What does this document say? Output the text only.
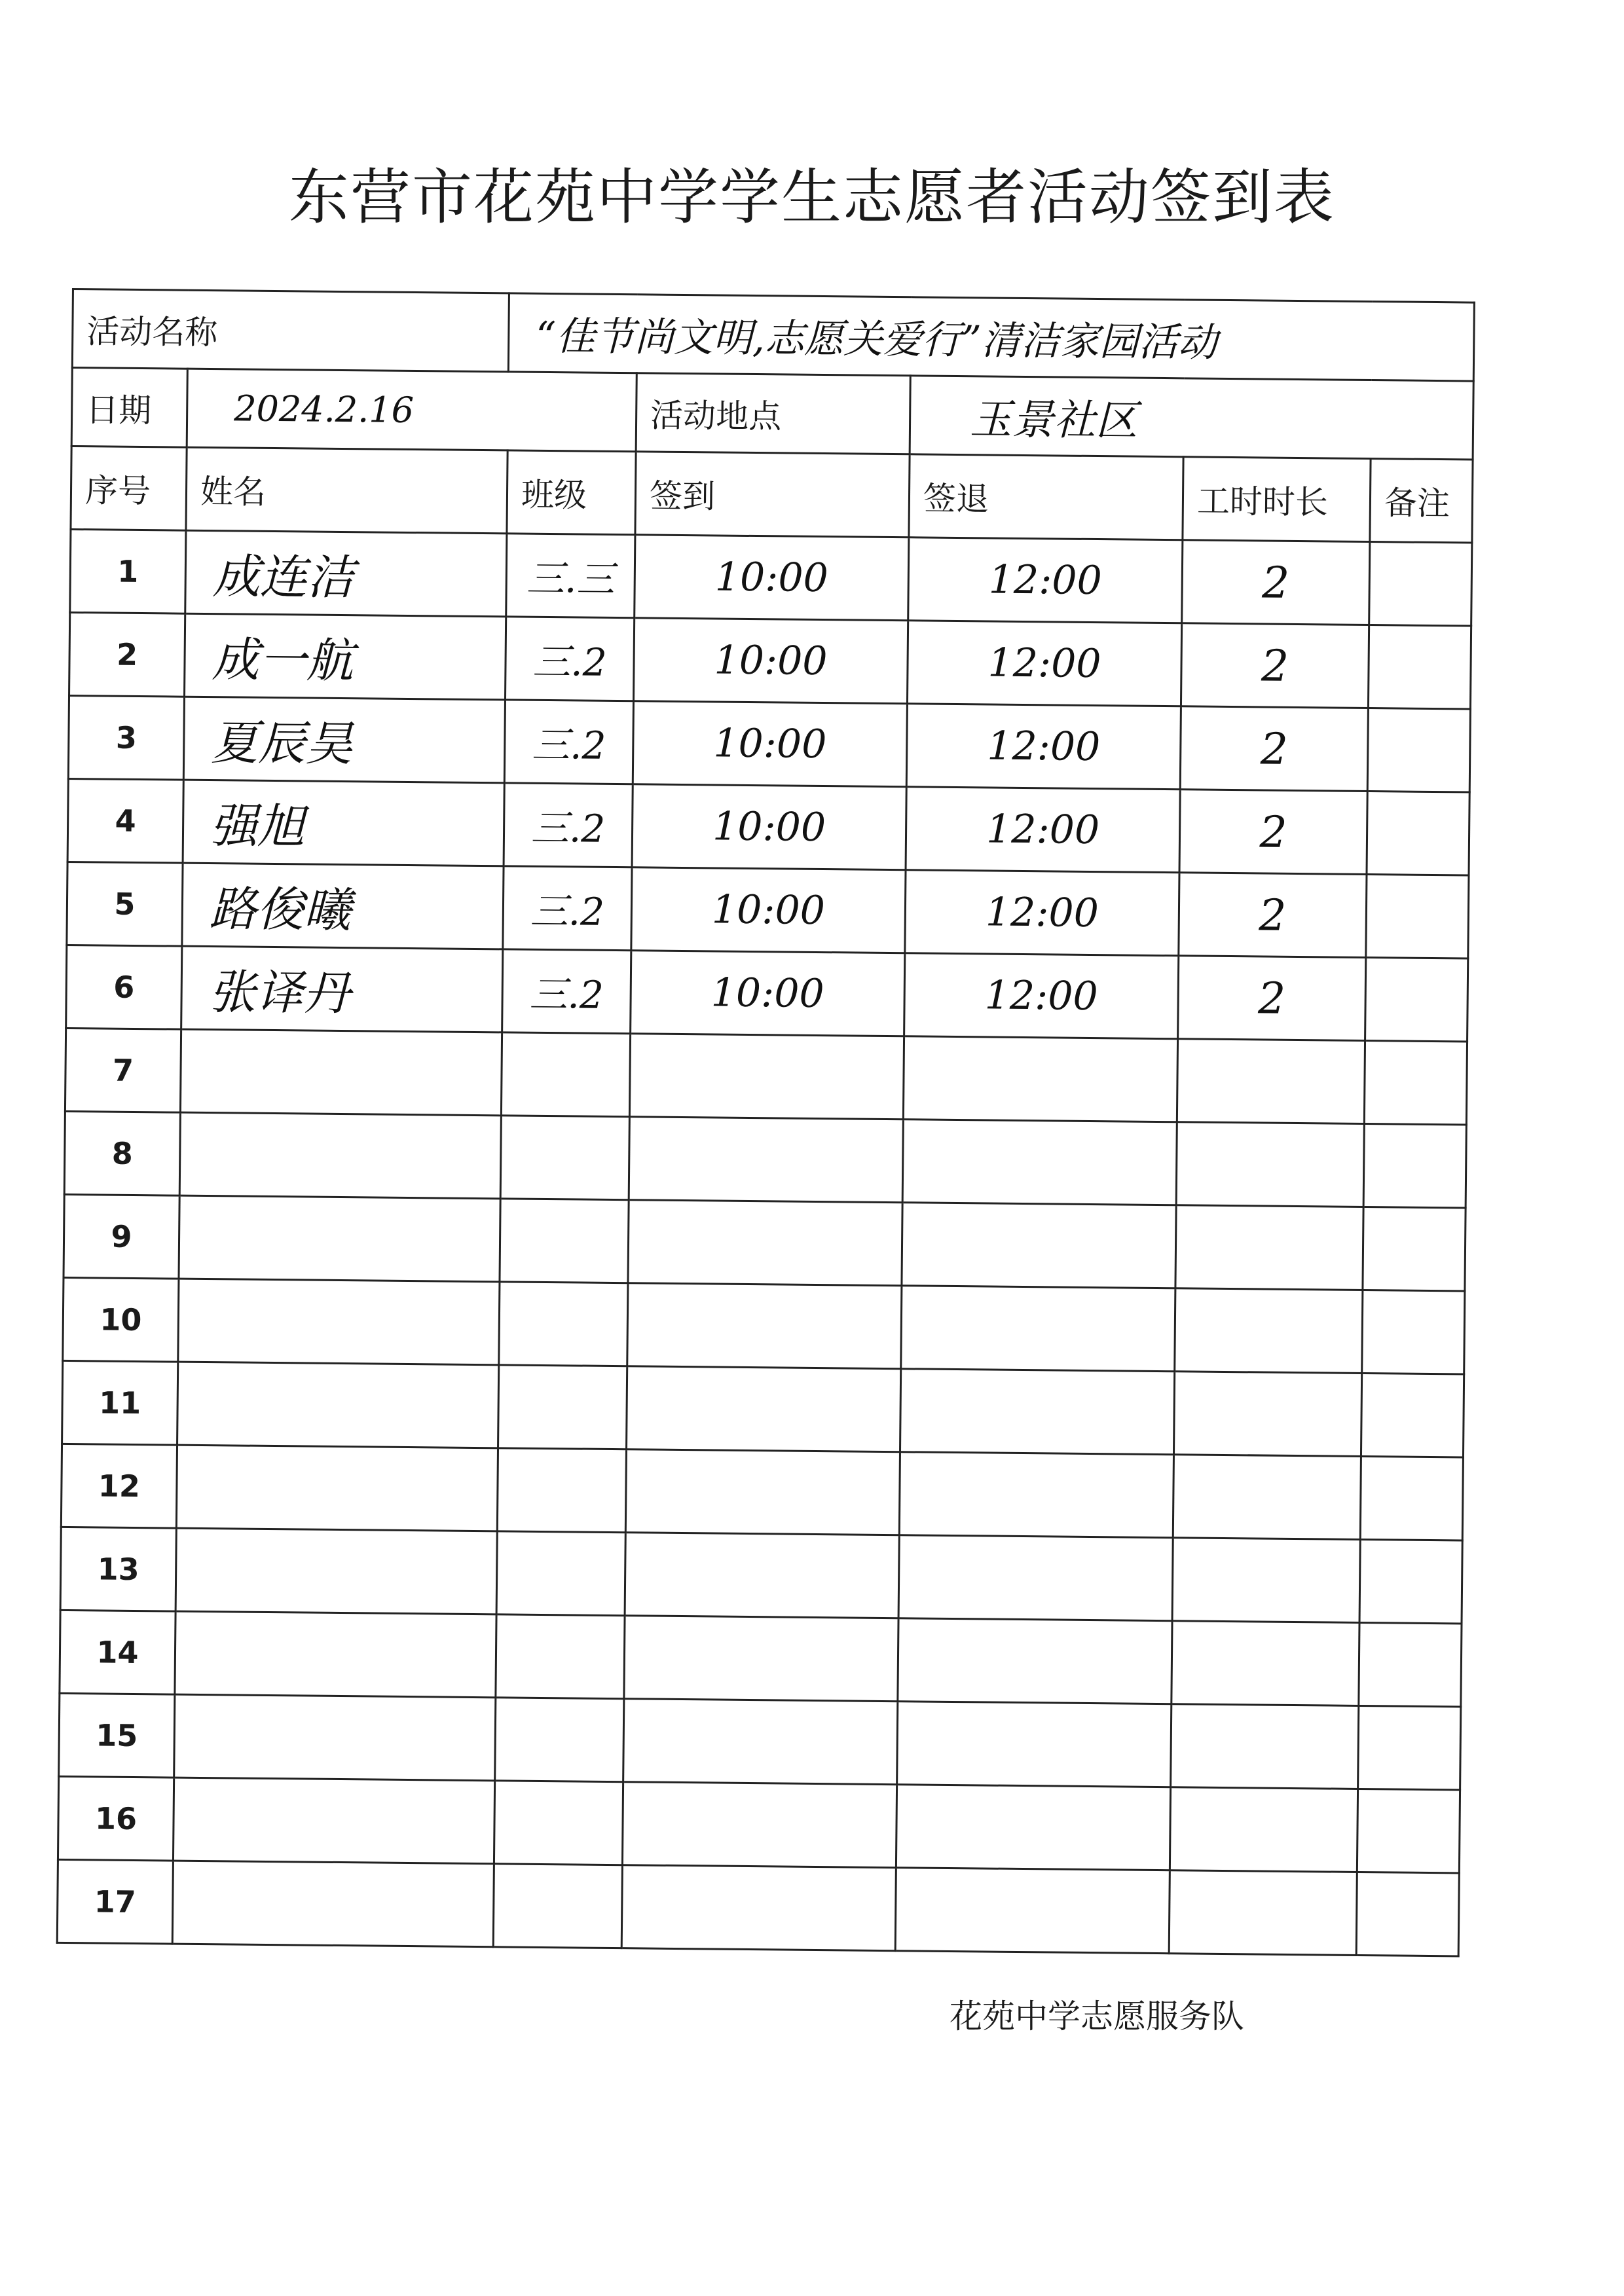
东营市花苑中学学生志愿者活动签到表
活动名称		“佳节尚文明,志愿关爱行”清洁家园活动				
日期	2024.2.16		活动地点	玉景社区		
序号	姓名	班级	签到	签退	工时时长	备注
1	成连洁	三.三	10:00	12:00	2	
2	成一航	三.2	10:00	12:00	2	
3	夏辰昊	三.2	10:00	12:00	2	
4	强旭	三.2	10:00	12:00	2	
5	路俊曦	三.2	10:00	12:00	2	
6	张译丹	三.2	10:00	12:00	2	
7						
8						
9						
10						
11						
12						
13						
14						
15						
16						
17						
花苑中学志愿服务队
